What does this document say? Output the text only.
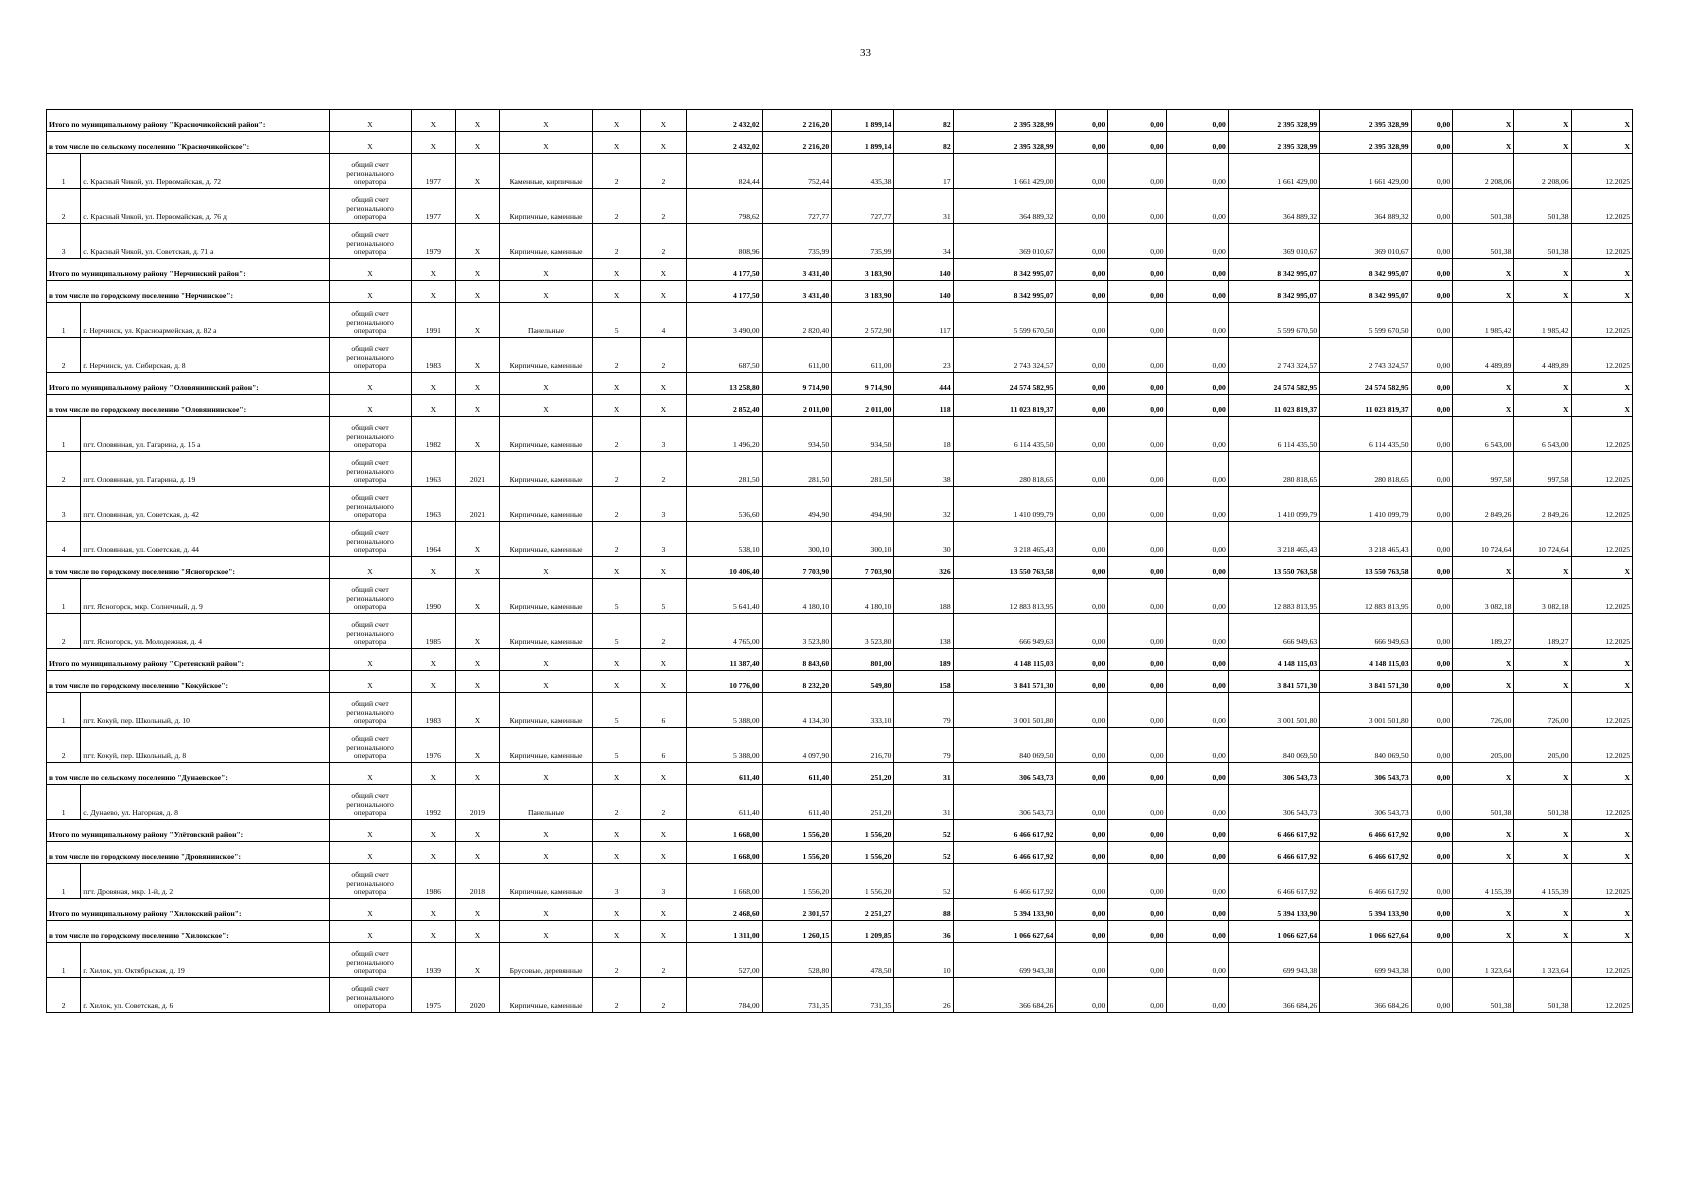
33
Итого по муниципальному району "Красночикойский район":		X	X	X	X	X	X	2 432,02	2 216,20	1 899,14	82	2 395 328,99	0,00	0,00	0,00	2 395 328,99	2 395 328,99	0,00	X	X	X
в том числе по сельскому поселению "Красночикойское":		X	X	X	X	X	X	2 432,02	2 216,20	1 899,14	82	2 395 328,99	0,00	0,00	0,00	2 395 328,99	2 395 328,99	0,00	X	X	X
1	с. Красный Чикой, ул. Первомайская, д. 72	общий счет регионального оператора	1977	X	Каменные, кирпичные	2	2	824,44	752,44	435,38	17	1 661 429,00	0,00	0,00	0,00	1 661 429,00	1 661 429,00	0,00	2 208,06	2 208,06	12.2025
2	с. Красный Чикой, ул. Первомайская, д. 76 д	общий счет регионального оператора	1977	X	Кирпичные, каменные	2	2	798,62	727,77	727,77	31	364 889,32	0,00	0,00	0,00	364 889,32	364 889,32	0,00	501,38	501,38	12.2025
3	с. Красный Чикой, ул. Советская, д. 71 а	общий счет регионального оператора	1979	X	Кирпичные, каменные	2	2	808,96	735,99	735,99	34	369 010,67	0,00	0,00	0,00	369 010,67	369 010,67	0,00	501,38	501,38	12.2025
Итого по муниципальному району "Нерчинский район":		X	X	X	X	X	X	4 177,50	3 431,40	3 183,90	140	8 342 995,07	0,00	0,00	0,00	8 342 995,07	8 342 995,07	0,00	X	X	X
в том числе по городскому поселению "Нерчинское":		X	X	X	X	X	X	4 177,50	3 431,40	3 183,90	140	8 342 995,07	0,00	0,00	0,00	8 342 995,07	8 342 995,07	0,00	X	X	X
1	г. Нерчинск, ул. Красноармейская, д. 82 а	общий счет регионального оператора	1991	X	Панельные	5	4	3 490,00	2 820,40	2 572,90	117	5 599 670,50	0,00	0,00	0,00	5 599 670,50	5 599 670,50	0,00	1 985,42	1 985,42	12.2025
2	г. Нерчинск, ул. Сибирская, д. 8	общий счет регионального оператора	1983	X	Кирпичные, каменные	2	2	687,50	611,00	611,00	23	2 743 324,57	0,00	0,00	0,00	2 743 324,57	2 743 324,57	0,00	4 489,89	4 489,89	12.2025
Итого по муниципальному району "Оловяннинский район":		X	X	X	X	X	X	13 258,80	9 714,90	9 714,90	444	24 574 582,95	0,00	0,00	0,00	24 574 582,95	24 574 582,95	0,00	X	X	X
в том числе по городскому поселению "Оловяннинское":		X	X	X	X	X	X	2 852,40	2 011,00	2 011,00	118	11 023 819,37	0,00	0,00	0,00	11 023 819,37	11 023 819,37	0,00	X	X	X
1	пгт. Оловянная, ул. Гагарина, д. 15 а	общий счет регионального оператора	1982	X	Кирпичные, каменные	2	3	1 496,20	934,50	934,50	18	6 114 435,50	0,00	0,00	0,00	6 114 435,50	6 114 435,50	0,00	6 543,00	6 543,00	12.2025
2	пгт. Оловянная, ул. Гагарина, д. 19	общий счет регионального оператора	1963	2021	Кирпичные, каменные	2	2	281,50	281,50	281,50	38	280 818,65	0,00	0,00	0,00	280 818,65	280 818,65	0,00	997,58	997,58	12.2025
3	пгт. Оловянная, ул. Советская, д. 42	общий счет регионального оператора	1963	2021	Кирпичные, каменные	2	3	536,60	494,90	494,90	32	1 410 099,79	0,00	0,00	0,00	1 410 099,79	1 410 099,79	0,00	2 849,26	2 849,26	12.2025
4	пгт. Оловянная, ул. Советская, д. 44	общий счет регионального оператора	1964	X	Кирпичные, каменные	2	3	538,10	300,10	300,10	30	3 218 465,43	0,00	0,00	0,00	3 218 465,43	3 218 465,43	0,00	10 724,64	10 724,64	12.2025
в том числе по городскому поселению "Ясногорское":		X	X	X	X	X	X	10 406,40	7 703,90	7 703,90	326	13 550 763,58	0,00	0,00	0,00	13 550 763,58	13 550 763,58	0,00	X	X	X
1	пгт. Ясногорск, мкр. Солнечный, д. 9	общий счет регионального оператора	1990	X	Кирпичные, каменные	5	5	5 641,40	4 180,10	4 180,10	188	12 883 813,95	0,00	0,00	0,00	12 883 813,95	12 883 813,95	0,00	3 082,18	3 082,18	12.2025
2	пгт. Ясногорск, ул. Молодежная, д. 4	общий счет регионального оператора	1985	X	Кирпичные, каменные	5	2	4 765,00	3 523,80	3 523,80	138	666 949,63	0,00	0,00	0,00	666 949,63	666 949,63	0,00	189,27	189,27	12.2025
Итого по муниципальному району "Сретенский район":		X	X	X	X	X	X	11 387,40	8 843,60	801,00	189	4 148 115,03	0,00	0,00	0,00	4 148 115,03	4 148 115,03	0,00	X	X	X
в том числе по городскому поселению "Кокуйское":		X	X	X	X	X	X	10 776,00	8 232,20	549,80	158	3 841 571,30	0,00	0,00	0,00	3 841 571,30	3 841 571,30	0,00	X	X	X
1	пгт. Кокуй, пер. Школьный, д. 10	общий счет регионального оператора	1983	X	Кирпичные, каменные	5	6	5 388,00	4 134,30	333,10	79	3 001 501,80	0,00	0,00	0,00	3 001 501,80	3 001 501,80	0,00	726,00	726,00	12.2025
2	пгт. Кокуй, пер. Школьный, д. 8	общий счет регионального оператора	1976	X	Кирпичные, каменные	5	6	5 388,00	4 097,90	216,70	79	840 069,50	0,00	0,00	0,00	840 069,50	840 069,50	0,00	205,00	205,00	12.2025
в том числе по сельскому поселению "Дунаевское":		X	X	X	X	X	X	611,40	611,40	251,20	31	306 543,73	0,00	0,00	0,00	306 543,73	306 543,73	0,00	X	X	X
1	с. Дунаево, ул. Нагорная, д. 8	общий счет регионального оператора	1992	2019	Панельные	2	2	611,40	611,40	251,20	31	306 543,73	0,00	0,00	0,00	306 543,73	306 543,73	0,00	501,38	501,38	12.2025
Итого по муниципальному району "Улётовский район":		X	X	X	X	X	X	1 668,00	1 556,20	1 556,20	52	6 466 617,92	0,00	0,00	0,00	6 466 617,92	6 466 617,92	0,00	X	X	X
в том числе по городскому поселению "Дровянинское":		X	X	X	X	X	X	1 668,00	1 556,20	1 556,20	52	6 466 617,92	0,00	0,00	0,00	6 466 617,92	6 466 617,92	0,00	X	X	X
1	пгт. Дровяная, мкр. 1-й, д. 2	общий счет регионального оператора	1986	2018	Кирпичные, каменные	3	3	1 668,00	1 556,20	1 556,20	52	6 466 617,92	0,00	0,00	0,00	6 466 617,92	6 466 617,92	0,00	4 155,39	4 155,39	12.2025
Итого по муниципальному району "Хилокский район":		X	X	X	X	X	X	2 468,60	2 301,57	2 251,27	88	5 394 133,90	0,00	0,00	0,00	5 394 133,90	5 394 133,90	0,00	X	X	X
в том числе по городскому поселению "Хилокское":		X	X	X	X	X	X	1 311,00	1 260,15	1 209,85	36	1 066 627,64	0,00	0,00	0,00	1 066 627,64	1 066 627,64	0,00	X	X	X
1	г. Хилок, ул. Октябрьская, д. 19	общий счет регионального оператора	1939	X	Брусовые, деревянные	2	2	527,00	528,80	478,50	10	699 943,38	0,00	0,00	0,00	699 943,38	699 943,38	0,00	1 323,64	1 323,64	12.2025
2	г. Хилок, ул. Советская, д. 6	общий счет регионального оператора	1975	2020	Кирпичные, каменные	2	2	784,00	731,35	731,35	26	366 684,26	0,00	0,00	0,00	366 684,26	366 684,26	0,00	501,38	501,38	12.2025
